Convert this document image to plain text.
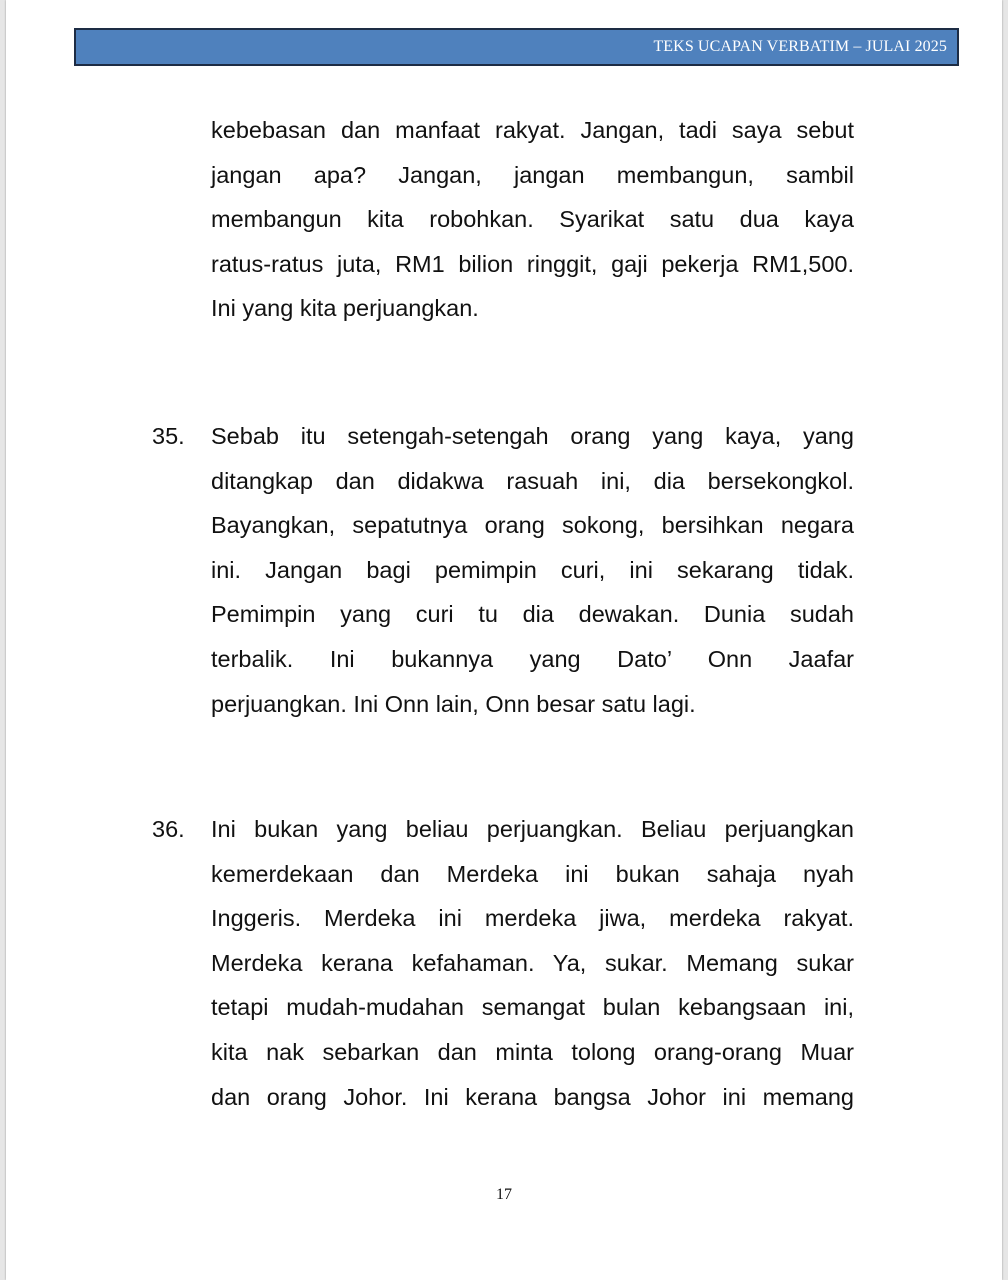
TEKS UCAPAN VERBATIM – JULAI 2025
kebebasan dan manfaat rakyat. Jangan, tadi saya sebut
jangan apa? Jangan, jangan membangun, sambil
membangun kita robohkan. Syarikat satu dua kaya
ratus-ratus juta, RM1 bilion ringgit, gaji pekerja RM1,500.
Ini yang kita perjuangkan.
35. Sebab itu setengah-setengah orang yang kaya, yang
ditangkap dan didakwa rasuah ini, dia bersekongkol.
Bayangkan, sepatutnya orang sokong, bersihkan negara
ini. Jangan bagi pemimpin curi, ini sekarang tidak.
Pemimpin yang curi tu dia dewakan. Dunia sudah
terbalik. Ini bukannya yang Dato’ Onn Jaafar
perjuangkan. Ini Onn lain, Onn besar satu lagi.
36. Ini bukan yang beliau perjuangkan. Beliau perjuangkan
kemerdekaan dan Merdeka ini bukan sahaja nyah
Inggeris. Merdeka ini merdeka jiwa, merdeka rakyat.
Merdeka kerana kefahaman. Ya, sukar. Memang sukar
tetapi mudah-mudahan semangat bulan kebangsaan ini,
kita nak sebarkan dan minta tolong orang-orang Muar
dan orang Johor. Ini kerana bangsa Johor ini memang
17
